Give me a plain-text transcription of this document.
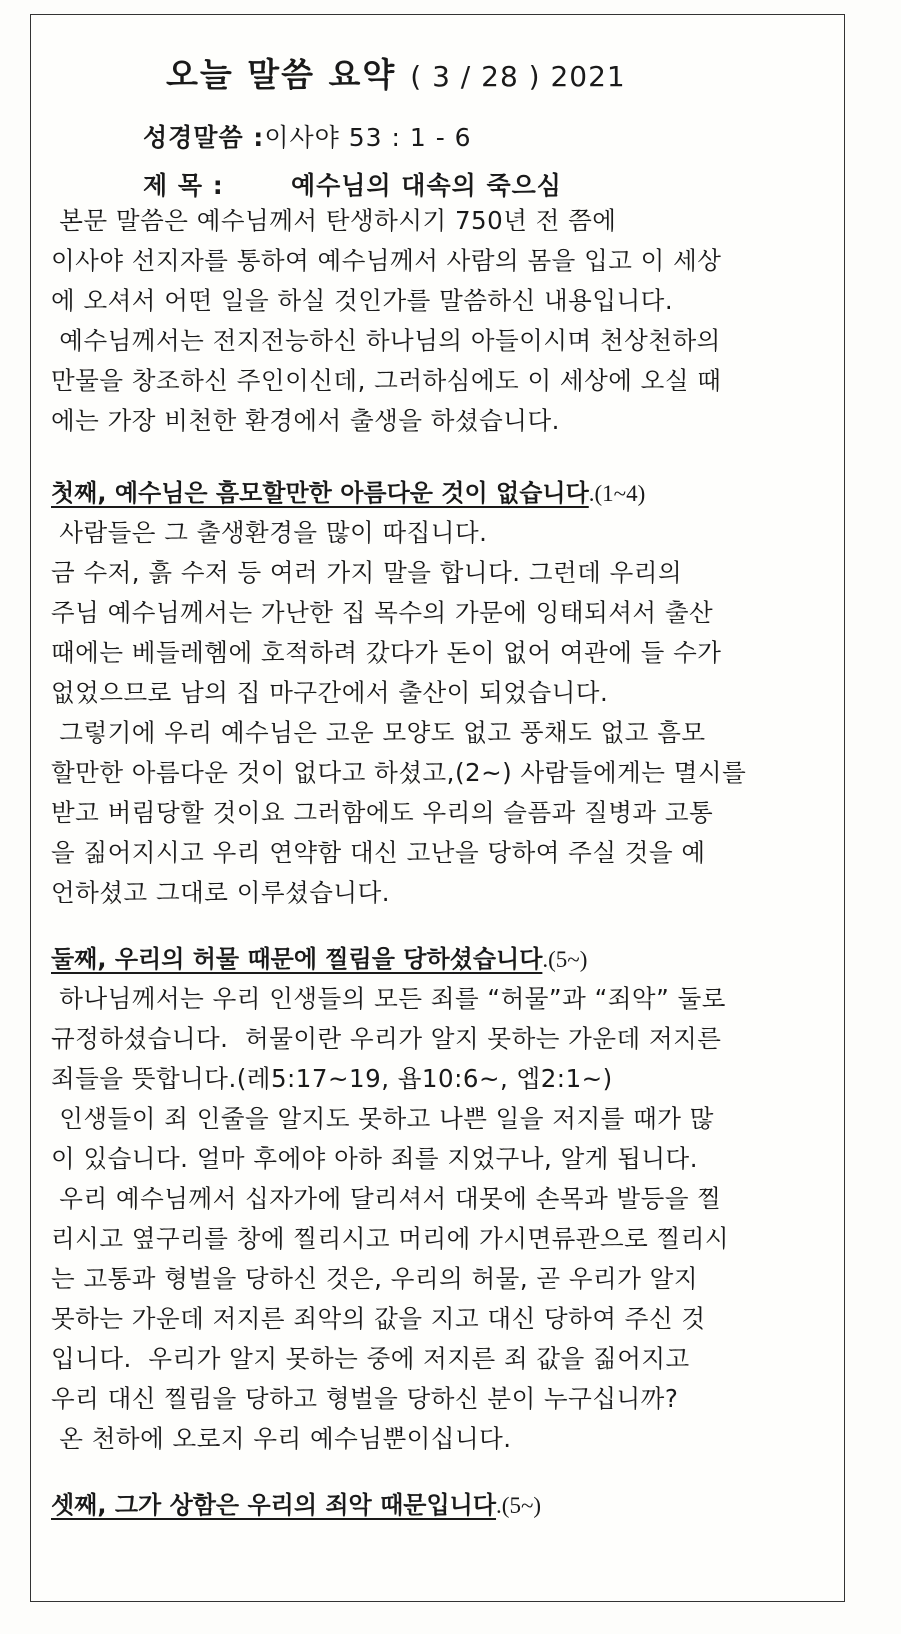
오늘 말씀 요약 ( 3 / 28 ) 2021
성경말씀 :이사야 53 : 1 - 6
제 목 :	예수님의 대속의 죽으심
본문 말씀은 예수님께서 탄생하시기 750년 전 쯤에
이사야 선지자를 통하여 예수님께서 사람의 몸을 입고 이 세상
에 오셔서 어떤 일을 하실 것인가를 말씀하신 내용입니다.
예수님께서는 전지전능하신 하나님의 아들이시며 천상천하의
만물을 창조하신 주인이신데, 그러하심에도 이 세상에 오실 때
에는 가장 비천한 환경에서 출생을 하셨습니다.
첫째, 예수님은 흠모할만한 아름다운 것이 없습니다.(1~4)
사람들은 그 출생환경을 많이 따집니다.
금 수저, 흙 수저 등 여러 가지 말을 합니다. 그런데 우리의
주님 예수님께서는 가난한 집 목수의 가문에 잉태되셔서 출산
때에는 베들레헴에 호적하려 갔다가 돈이 없어 여관에 들 수가
없었으므로 남의 집 마구간에서 출산이 되었습니다.
그렇기에 우리 예수님은 고운 모양도 없고 풍채도 없고 흠모
할만한 아름다운 것이 없다고 하셨고,(2~) 사람들에게는 멸시를
받고 버림당할 것이요 그러함에도 우리의 슬픔과 질병과 고통
을 짊어지시고 우리 연약함 대신 고난을 당하여 주실 것을 예
언하셨고 그대로 이루셨습니다.
둘째, 우리의 허물 때문에 찔림을 당하셨습니다.(5~)
하나님께서는 우리 인생들의 모든 죄를 “허물”과 “죄악” 둘로
규정하셨습니다.  허물이란 우리가 알지 못하는 가운데 저지른
죄들을 뜻합니다.(레5:17~19, 욥10:6~, 엡2:1~)
인생들이 죄 인줄을 알지도 못하고 나쁜 일을 저지를 때가 많
이 있습니다. 얼마 후에야 아하 죄를 지었구나, 알게 됩니다.
우리 예수님께서 십자가에 달리셔서 대못에 손목과 발등을 찔
리시고 옆구리를 창에 찔리시고 머리에 가시면류관으로 찔리시
는 고통과 형벌을 당하신 것은, 우리의 허물, 곧 우리가 알지
못하는 가운데 저지른 죄악의 값을 지고 대신 당하여 주신 것
입니다.  우리가 알지 못하는 중에 저지른 죄 값을 짊어지고
우리 대신 찔림을 당하고 형벌을 당하신 분이 누구십니까?
온 천하에 오로지 우리 예수님뿐이십니다.
셋째, 그가 상함은 우리의 죄악 때문입니다.(5~)
